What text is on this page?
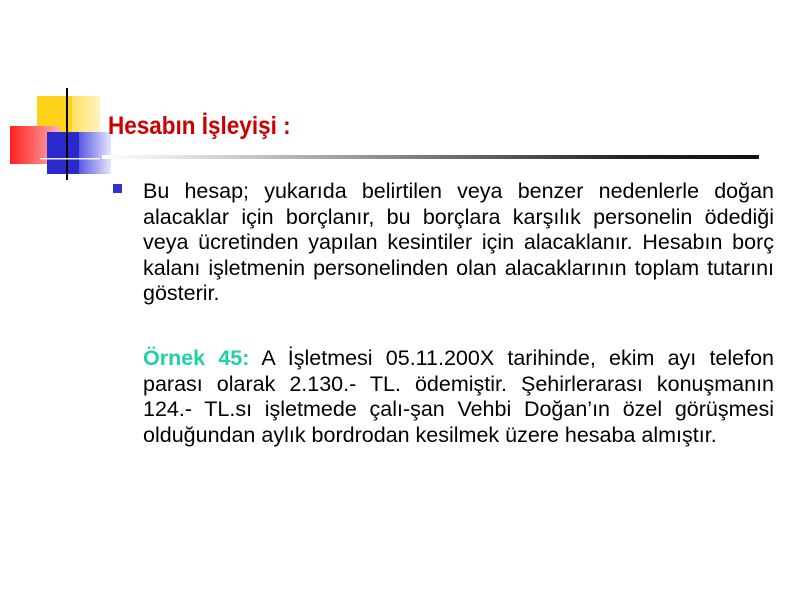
Hesabın İşleyişi :

Bu hesap; yukarıda belirtilen veya benzer nedenlerle doğan alacaklar için borçlanır, bu borçlara karşılık personelin ödediği veya ücretinden yapılan kesintiler için alacaklanır. Hesabın borç kalanı işletmenin personelinden olan alacaklarının toplam tutarını gösterir.

Örnek 45: A İşletmesi 05.11.200X tarihinde, ekim ayı telefon parası olarak 2.130.- TL. ödemiştir. Şehirlerarası konuşmanın 124.- TL.sı işletmede çalı-şan Vehbi Doğan’ın özel görüşmesi olduğundan aylık bordrodan kesilmek üzere hesaba almıştır.
